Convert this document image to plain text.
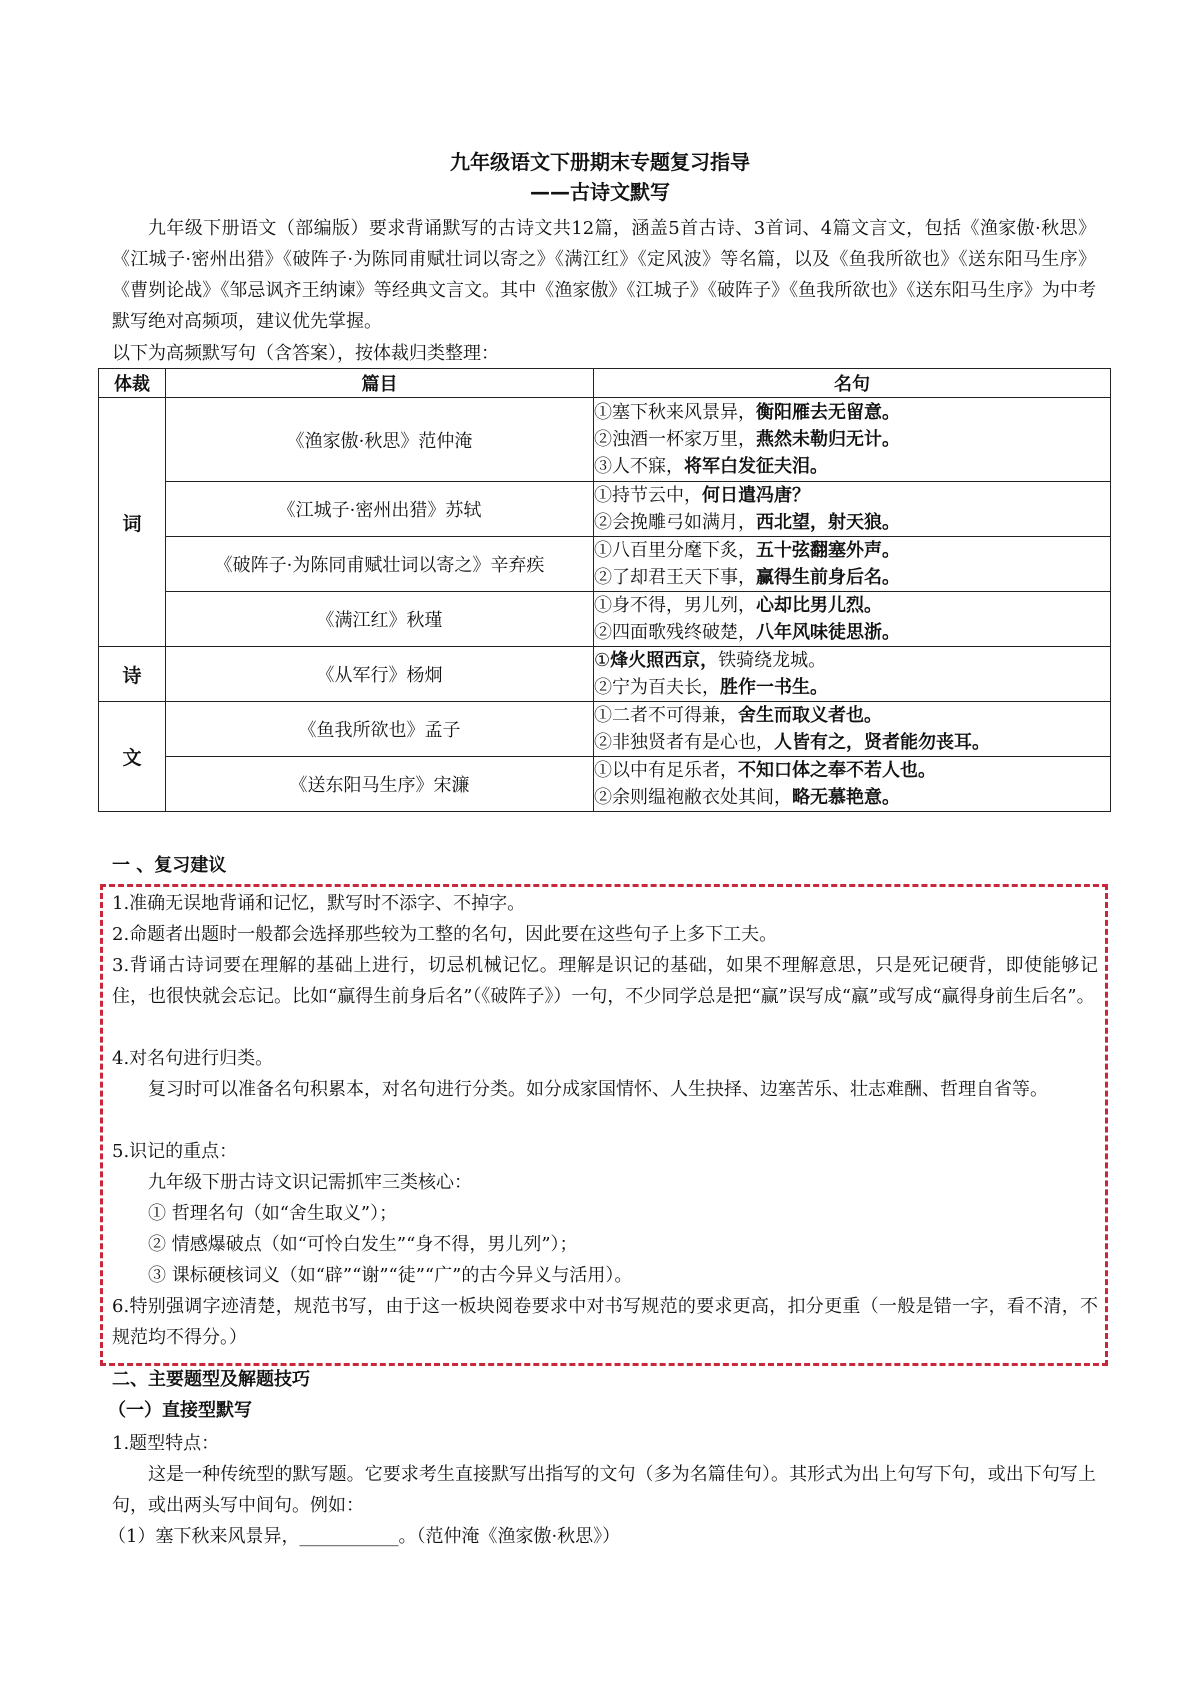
九年级语文下册期末专题复习指导
——古诗文默写
九年级下册语文（部编版）要求背诵默写的古诗文共12篇，涵盖5首古诗、3首词、4篇文言文，包括《渔家傲·秋思》《江城子·密州出猎》《破阵子·为陈同甫赋壮词以寄之》《满江红》《定风波》等名篇，以及《鱼我所欲也》《送东阳马生序》《曹刿论战》《邹忌讽齐王纳谏》等经典文言文。其中《渔家傲》《江城子》《破阵子》《鱼我所欲也》《送东阳马生序》为中考默写绝对高频项，建议优先掌握。
以下为高频默写句（含答案），按体裁归类整理：
体裁	篇目	名句
词	《渔家傲·秋思》范仲淹	①塞下秋来风景异，衡阳雁去无留意。
②浊酒一杯家万里，燕然未勒归无计。
③人不寐，将军白发征夫泪。

	《江城子·密州出猎》苏轼	①持节云中，何日遣冯唐？
②会挽雕弓如满月，西北望，射天狼。

	《破阵子·为陈同甫赋壮词以寄之》辛弃疾	①八百里分麾下炙，五十弦翻塞外声。
②了却君王天下事，赢得生前身后名。

	《满江红》秋瑾	①身不得，男儿列，心却比男儿烈。
②四面歌残终破楚，八年风味徒思浙。

诗	《从军行》杨炯	①烽火照西京，铁骑绕龙城。
②宁为百夫长，胜作一书生。

文	《鱼我所欲也》孟子	①二者不可得兼，舍生而取义者也。
②非独贤者有是心也，人皆有之，贤者能勿丧耳。

	《送东阳马生序》宋濂	①以中有足乐者，不知口体之奉不若人也。
②余则缊袍敝衣处其间，略无慕艳意。
一 、复习建议
1.准确无误地背诵和记忆，默写时不添字、不掉字。
2.命题者出题时一般都会选择那些较为工整的名句，因此要在这些句子上多下工夫。
3.背诵古诗词要在理解的基础上进行，切忌机械记忆。理解是识记的基础，如果不理解意思，只是死记硬背，即使能够记住，也很快就会忘记。比如“赢得生前身后名”（《破阵子》）一句，不少同学总是把“赢”误写成“羸”或写成“赢得身前生后名”。
4.对名句进行归类。
复习时可以准备名句积累本，对名句进行分类。如分成家国情怀、人生抉择、边塞苦乐、壮志难酬、哲理自省等。
5.识记的重点：
九年级下册古诗文识记需抓牢三类核心：
① 哲理名句（如“舍生取义”）；
② 情感爆破点（如“可怜白发生”“身不得，男儿列”）；
③ 课标硬核词义（如“辟”“谢”“徒”“广”的古今异义与活用）。
6.特别强调字迹清楚，规范书写，由于这一板块阅卷要求中对书写规范的要求更高，扣分更重（一般是错一字，看不清，不规范均不得分。）
二、主要题型及解题技巧
（一）直接型默写
1.题型特点：
这是一种传统型的默写题。它要求考生直接默写出指写的文句（多为名篇佳句）。其形式为出上句写下句，或出下句写上句，或出两头写中间句。例如：
（1）塞下秋来风景异，___________。（范仲淹《渔家傲·秋思》）
